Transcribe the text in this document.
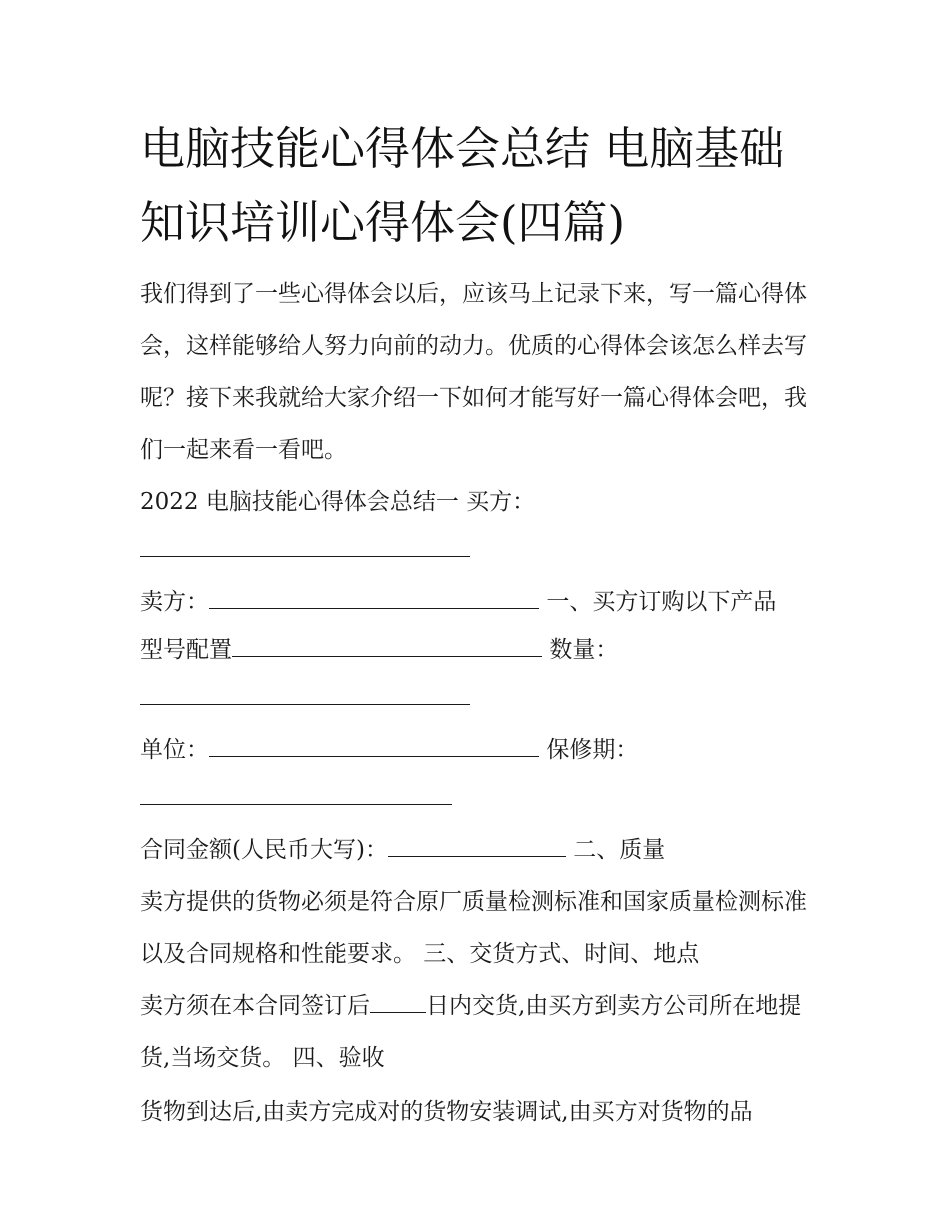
电脑技能心得体会总结 电脑基础知识培训心得体会(四篇)

我们得到了一些心得体会以后，应该马上记录下来，写一篇心得体会，这样能够给人努力向前的动力。优质的心得体会该怎么样去写呢？接下来我就给大家介绍一下如何才能写好一篇心得体会吧，我们一起来看一看吧。

2022 电脑技能心得体会总结一 买方：
卖方：	一、买方订购以下产品
型号配置	数量：
单位：	保修期：
合同金额(人民币大写)：	二、质量

卖方提供的货物必须是符合原厂质量检测标准和国家质量检测标准以及合同规格和性能要求。 三、交货方式、时间、地点

卖方须在本合同签订后 日内交货,由买方到卖方公司所在地提货,当场交货。 四、验收

货物到达后,由卖方完成对的货物安装调试,由买方对货物的品
